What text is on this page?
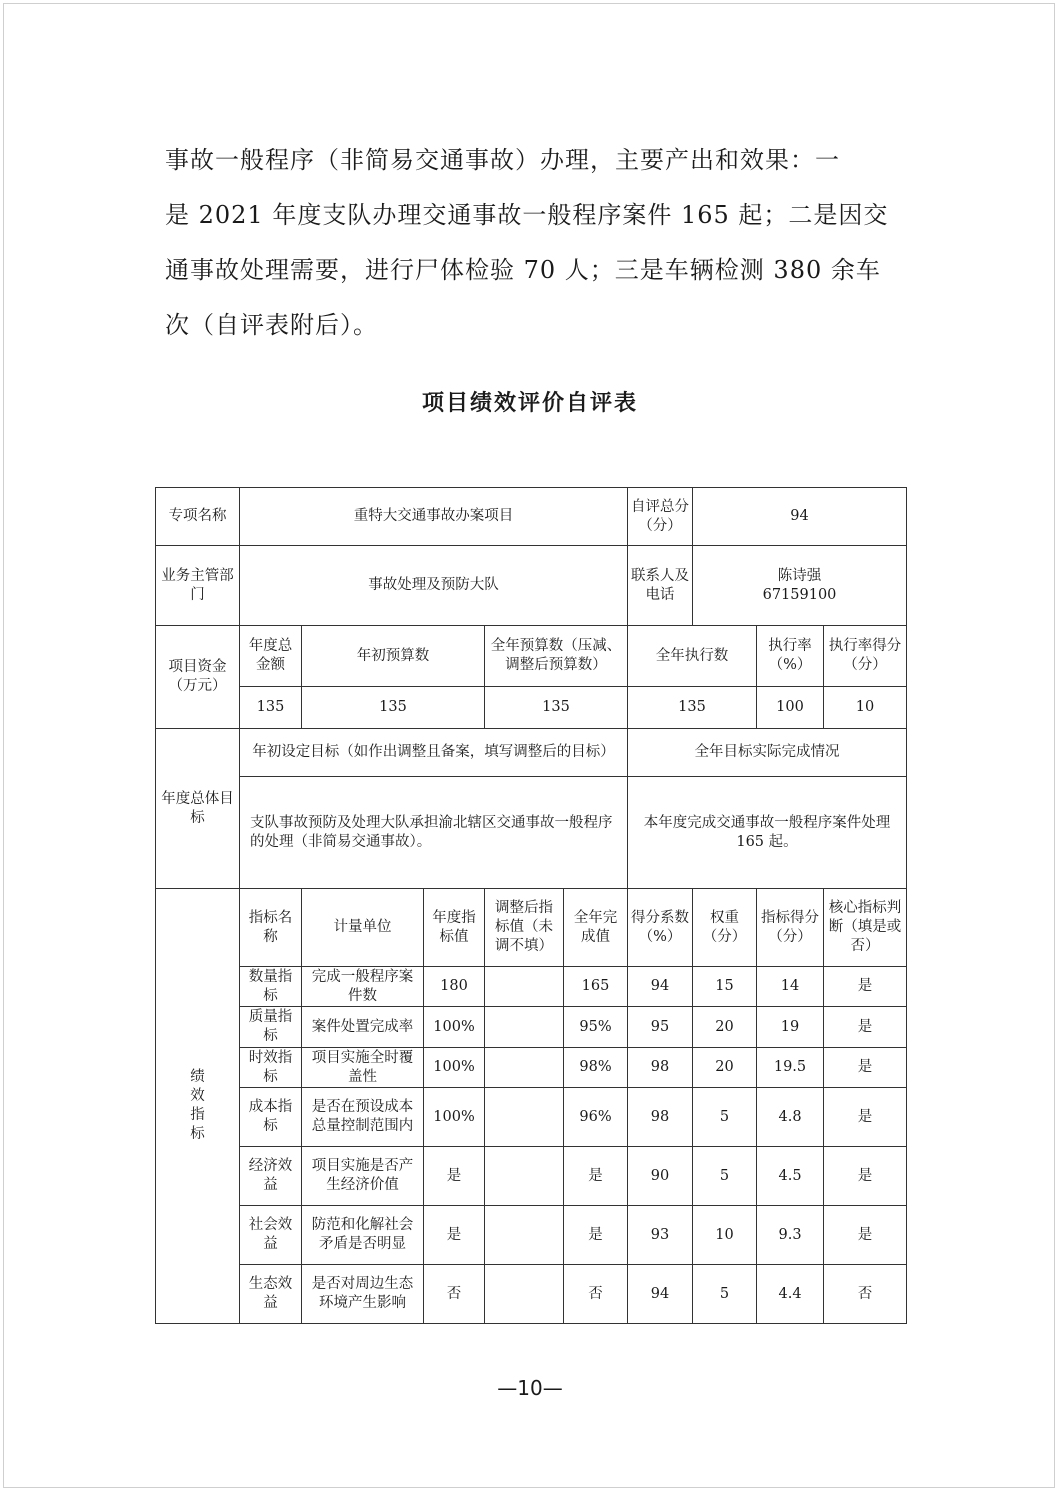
事故一般程序（非简易交通事故）办理，主要产出和效果：一

是 2021 年度支队办理交通事故一般程序案件 165 起；二是因交

通事故处理需要，进行尸体检验 70 人；三是车辆检测 380 余车

次（自评表附后）。

项目绩效评价自评表
专项名称	重特大交通事故办案项目					自评总分（分）	94		
业务主管部门	事故处理及预防大队					联系人及电话	陈诗强
67159100		

项目资金（万元）	年度总金额	年初预算数		全年预算数（压减、调整后预算数）		全年执行数		执行率（%）	执行率得分（分）
	135	135		135		135		100	10
年度总体目标	年初设定目标（如作出调整且备案，填写调整后的目标）					全年目标实际完成情况			
	支队事故预防及处理大队承担渝北辖区交通事故一般程序的处理（非简易交通事故）。					本年度完成交通事故一般程序案件处理 165 起。			

绩效指标	指标名称	计量单位	年度指标值	调整后指标值（未调不填）	全年完成值	得分系数（%）	权重（分）	指标得分（分）	核心指标判断（填是或否）
	数量指标	完成一般程序案件数	180		165	94	15	14	是
	质量指标	案件处置完成率	100%		95%	95	20	19	是
	时效指标	项目实施全时覆盖性	100%		98%	98	20	19.5	是
	成本指标	是否在预设成本总量控制范围内	100%		96%	98	5	4.8	是
	经济效益	项目实施是否产生经济价值	是		是	90	5	4.5	是
	社会效益	防范和化解社会矛盾是否明显	是		是	93	10	9.3	是
	生态效益	是否对周边生态环境产生影响	否		否	94	5	4.4	否
—10—
